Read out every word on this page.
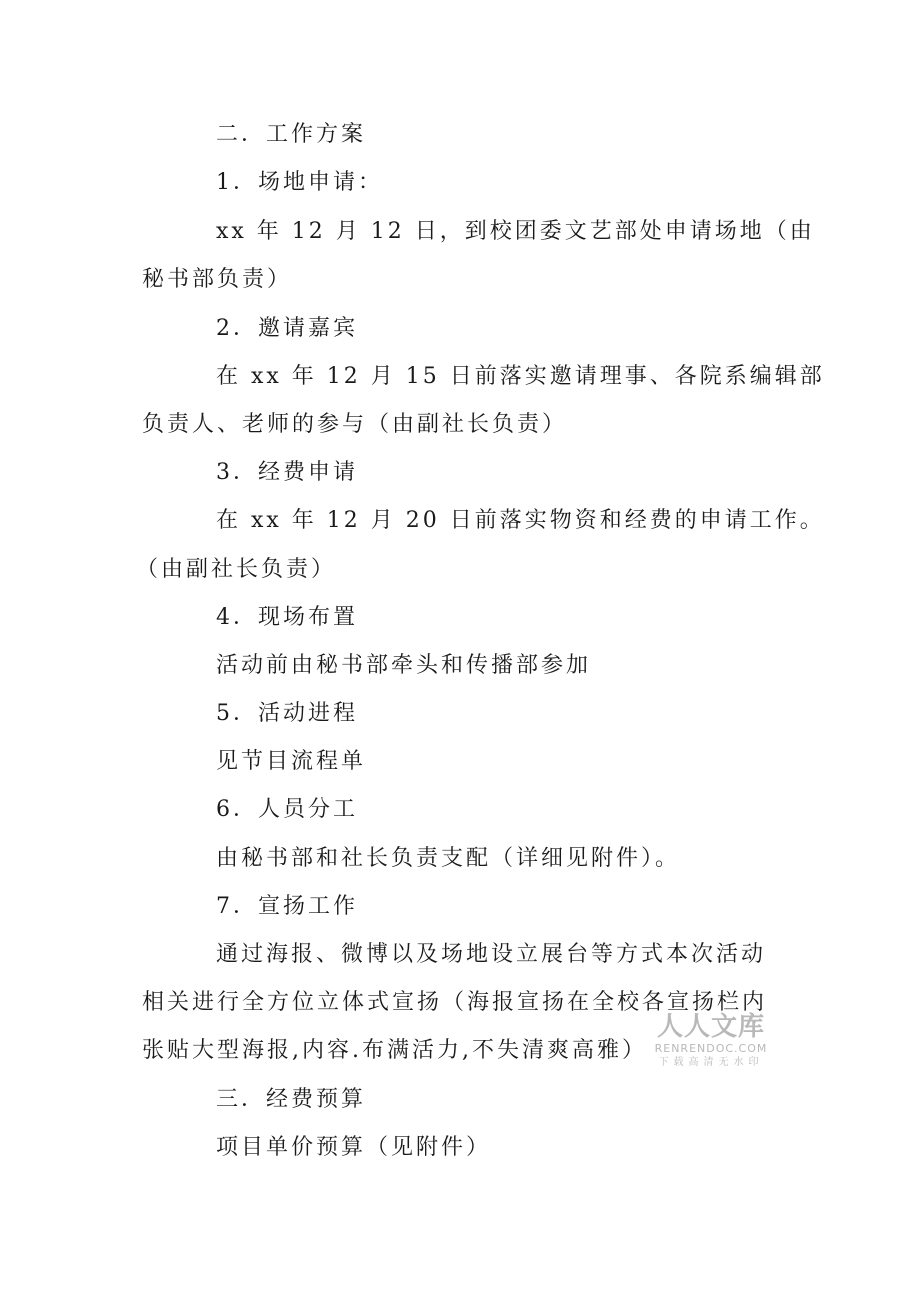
二．工作方案
1．场地申请：
xx 年 12 月 12 日，到校团委文艺部处申请场地（由
秘书部负责）
2．邀请嘉宾
在 xx 年 12 月 15 日前落实邀请理事、各院系编辑部
负责人、老师的参与（由副社长负责）
3．经费申请
在 xx 年 12 月 20 日前落实物资和经费的申请工作。
（由副社长负责）
4．现场布置
活动前由秘书部牵头和传播部参加
5．活动进程
见节目流程单
6．人员分工
由秘书部和社长负责支配（详细见附件）。
7．宣扬工作
通过海报、微博以及场地设立展台等方式本次活动
相关进行全方位立体式宣扬（海报宣扬在全校各宣扬栏内
张贴大型海报,内容.布满活力,不失清爽高雅）
三．经费预算
项目单价预算（见附件）
人人文库
RENRENDOC.COM
下载高清无水印
